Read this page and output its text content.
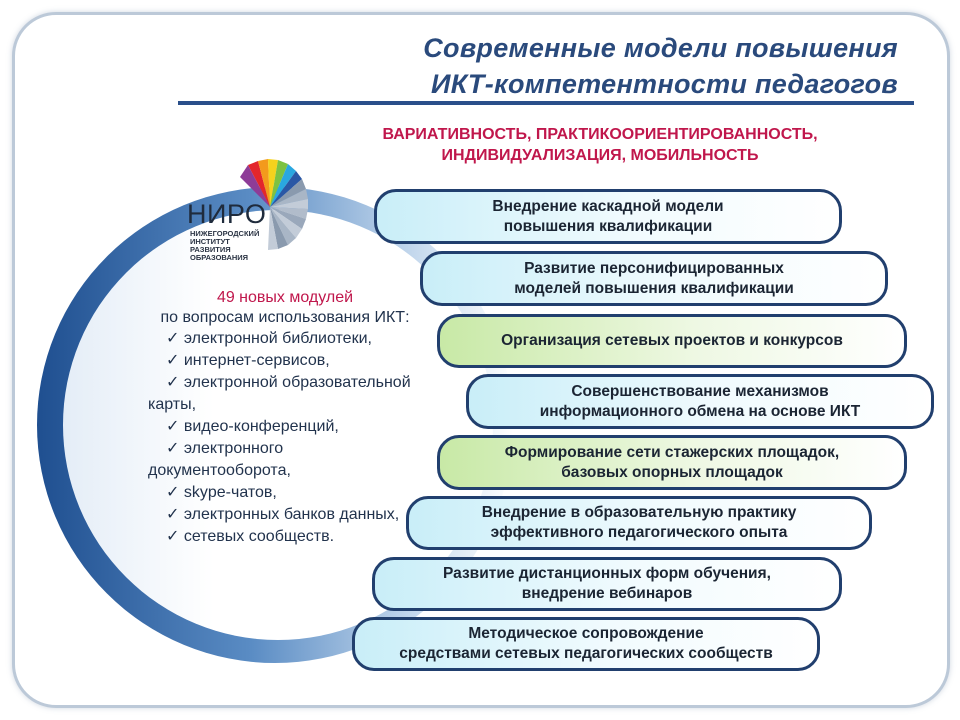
Современные модели повышения
ИКТ-компетентности педагогов
ВАРИАТИВНОСТЬ, ПРАКТИКООРИЕНТИРОВАННОСТЬ,
ИНДИВИДУАЛИЗАЦИЯ, МОБИЛЬНОСТЬ
НИРО
НИЖЕГОРОДСКИЙ
ИНСТИТУТ
РАЗВИТИЯ
ОБРАЗОВАНИЯ
49 новых модулей
по вопросам использования ИКТ:
✓ электронной библиотеки,
✓ интернет-сервисов,
✓ электронной образовательной
карты,
✓ видео-конференций,
✓ электронного
документооборота,
✓ skype-чатов,
✓ электронных банков данных,
✓ сетевых сообществ.
Внедрение каскадной модели
повышения квалификации
Развитие персонифицированных
моделей повышения квалификации
Организация сетевых проектов и конкурсов
Совершенствование механизмов
информационного обмена на основе ИКТ
Формирование сети стажерских площадок,
базовых опорных площадок
Внедрение в образовательную практику
эффективного педагогического опыта
Развитие дистанционных форм обучения,
внедрение вебинаров
Методическое сопровождение
средствами сетевых педагогических сообществ
